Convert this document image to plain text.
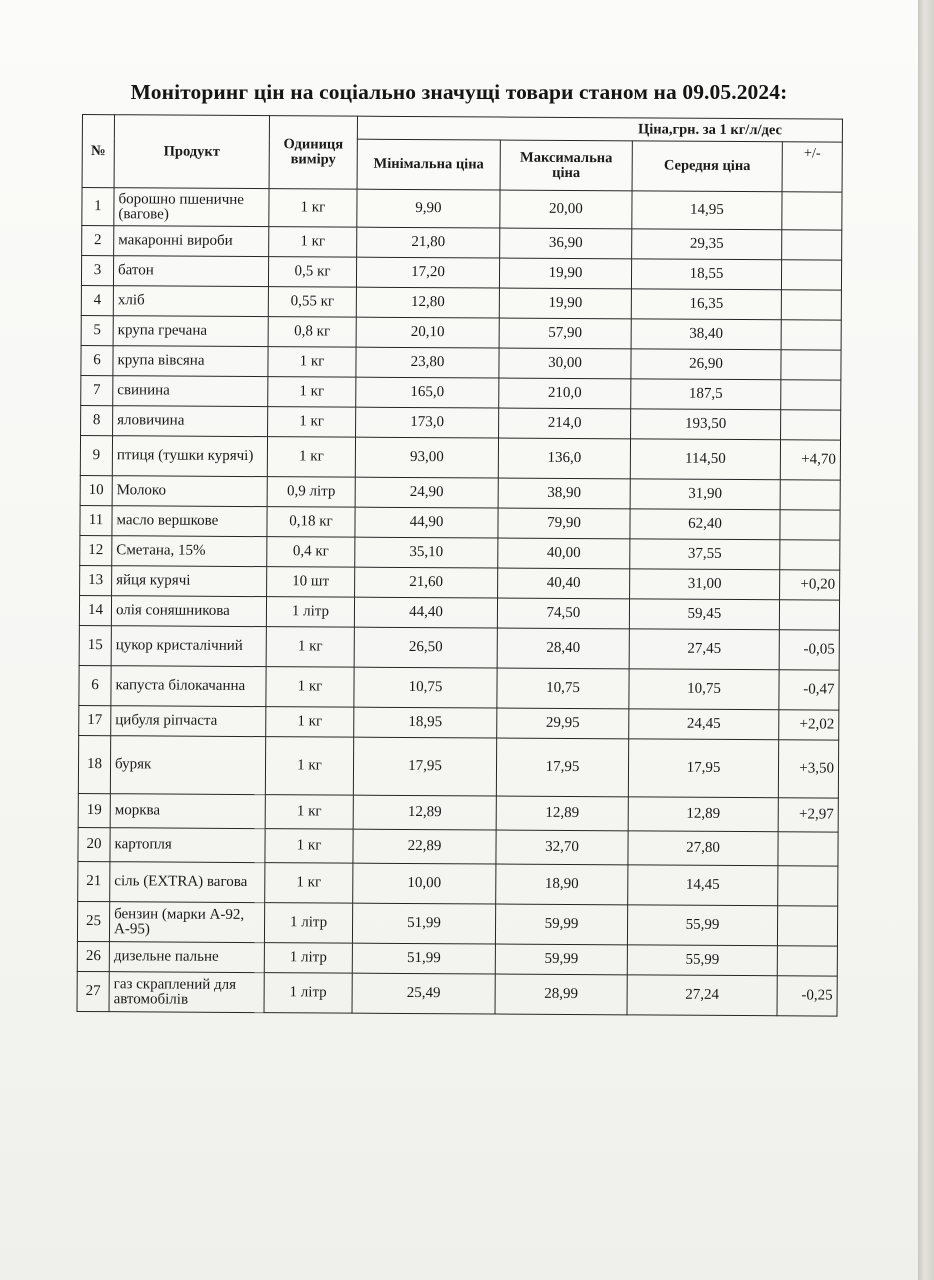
Моніторинг цін на соціально значущі товари станом на 09.05.2024:
№	Продукт	Одиниця виміру	Ціна,грн. за 1 кг/л/дес			
			Мінімальна ціна	Максимальна ціна	Середня ціна	+/-
1	борошно пшеничне (вагове)	1 кг	9,90	20,00	14,95	
2	макаронні вироби	1 кг	21,80	36,90	29,35	
3	батон	0,5 кг	17,20	19,90	18,55	
4	хліб	0,55 кг	12,80	19,90	16,35	
5	крупа гречана	0,8 кг	20,10	57,90	38,40	
6	крупа вівсяна	1 кг	23,80	30,00	26,90	
7	свинина	1 кг	165,0	210,0	187,5	
8	яловичина	1 кг	173,0	214,0	193,50	
9	птиця (тушки курячі)	1 кг	93,00	136,0	114,50	+4,70
10	Молоко	0,9 літр	24,90	38,90	31,90	
11	масло вершкове	0,18 кг	44,90	79,90	62,40	
12	Сметана, 15%	0,4 кг	35,10	40,00	37,55	
13	яйця курячі	10 шт	21,60	40,40	31,00	+0,20
14	олія соняшникова	1 літр	44,40	74,50	59,45	
15	цукор кристалічний	1 кг	26,50	28,40	27,45	-0,05
6	капуста білокачанна	1 кг	10,75	10,75	10,75	-0,47
17	цибуля ріпчаста	1 кг	18,95	29,95	24,45	+2,02
18	буряк	1 кг	17,95	17,95	17,95	+3,50
19	морква	1 кг	12,89	12,89	12,89	+2,97
20	картопля	1 кг	22,89	32,70	27,80	
21	сіль (EXTRA) вагова	1 кг	10,00	18,90	14,45	
25	бензин (марки А-92, А-95)	1 літр	51,99	59,99	55,99	
26	дизельне пальне	1 літр	51,99	59,99	55,99	
27	газ скраплений для автомобілів	1 літр	25,49	28,99	27,24	-0,25
